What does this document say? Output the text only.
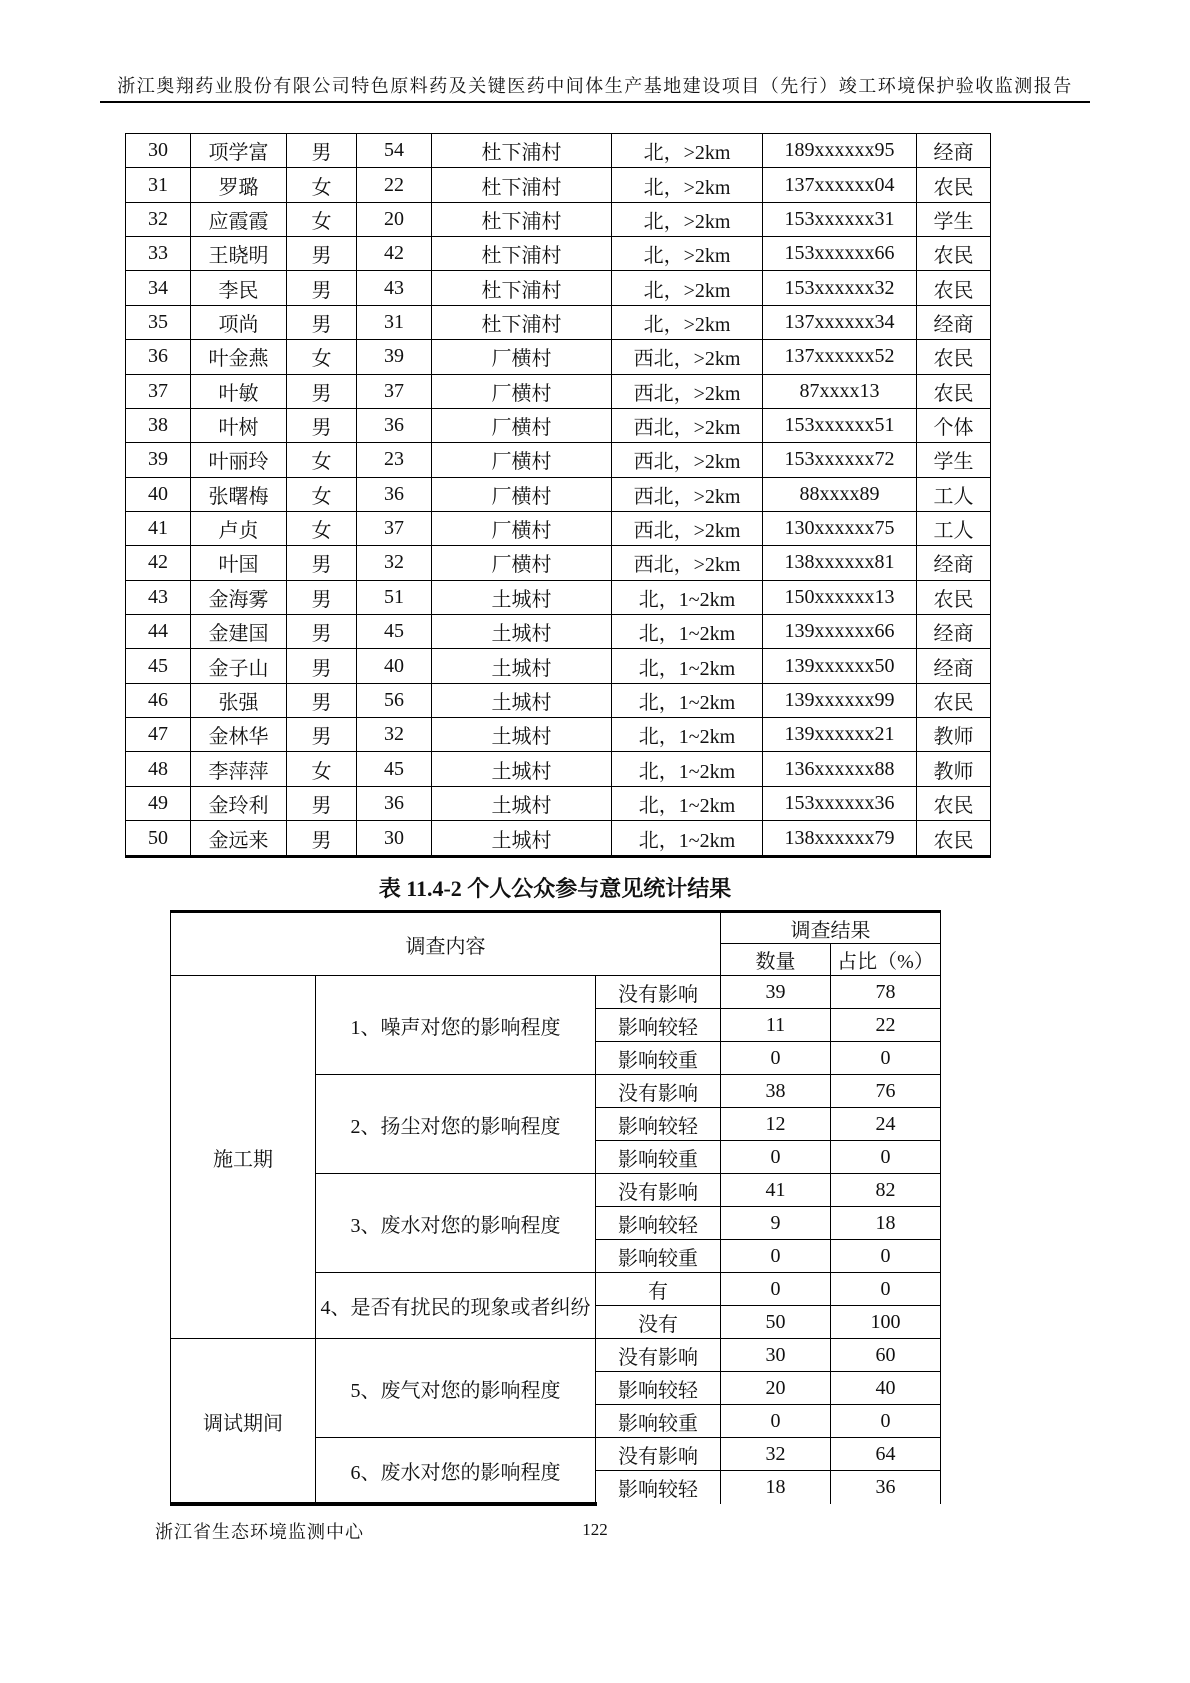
浙江奥翔药业股份有限公司特色原料药及关键医药中间体生产基地建设项目（先行）竣工环境保护验收监测报告
30	项学富	男	54	杜下浦村	北，>2km	189xxxxxx95	经商
31	罗璐	女	22	杜下浦村	北，>2km	137xxxxxx04	农民
32	应霞霞	女	20	杜下浦村	北，>2km	153xxxxxx31	学生
33	王晓明	男	42	杜下浦村	北，>2km	153xxxxxx66	农民
34	李民	男	43	杜下浦村	北，>2km	153xxxxxx32	农民
35	项尚	男	31	杜下浦村	北，>2km	137xxxxxx34	经商
36	叶金燕	女	39	厂横村	西北，>2km	137xxxxxx52	农民
37	叶敏	男	37	厂横村	西北，>2km	87xxxx13	农民
38	叶树	男	36	厂横村	西北，>2km	153xxxxxx51	个体
39	叶丽玲	女	23	厂横村	西北，>2km	153xxxxxx72	学生
40	张曙梅	女	36	厂横村	西北，>2km	88xxxx89	工人
41	卢贞	女	37	厂横村	西北，>2km	130xxxxxx75	工人
42	叶国	男	32	厂横村	西北，>2km	138xxxxxx81	经商
43	金海雾	男	51	土城村	北，1~2km	150xxxxxx13	农民
44	金建国	男	45	土城村	北，1~2km	139xxxxxx66	经商
45	金子山	男	40	土城村	北，1~2km	139xxxxxx50	经商
46	张强	男	56	土城村	北，1~2km	139xxxxxx99	农民
47	金林华	男	32	土城村	北，1~2km	139xxxxxx21	教师
48	李萍萍	女	45	土城村	北，1~2km	136xxxxxx88	教师
49	金玲利	男	36	土城村	北，1~2km	153xxxxxx36	农民
50	金远来	男	30	土城村	北，1~2km	138xxxxxx79	农民
表 11.4-2 个人公众参与意见统计结果
调查内容			调查结果	
			数量	占比（%）
施工期	1、噪声对您的影响程度	没有影响	39	78
		影响较轻	11	22
		影响较重	0	0
	2、扬尘对您的影响程度	没有影响	38	76
		影响较轻	12	24
		影响较重	0	0
	3、废水对您的影响程度	没有影响	41	82
		影响较轻	9	18
		影响较重	0	0
	4、是否有扰民的现象或者纠纷	有	0	0
		没有	50	100
调试期间	5、废气对您的影响程度	没有影响	30	60
		影响较轻	20	40
		影响较重	0	0
	6、废水对您的影响程度	没有影响	32	64
		影响较轻	18	36
浙江省生态环境监测中心	122
